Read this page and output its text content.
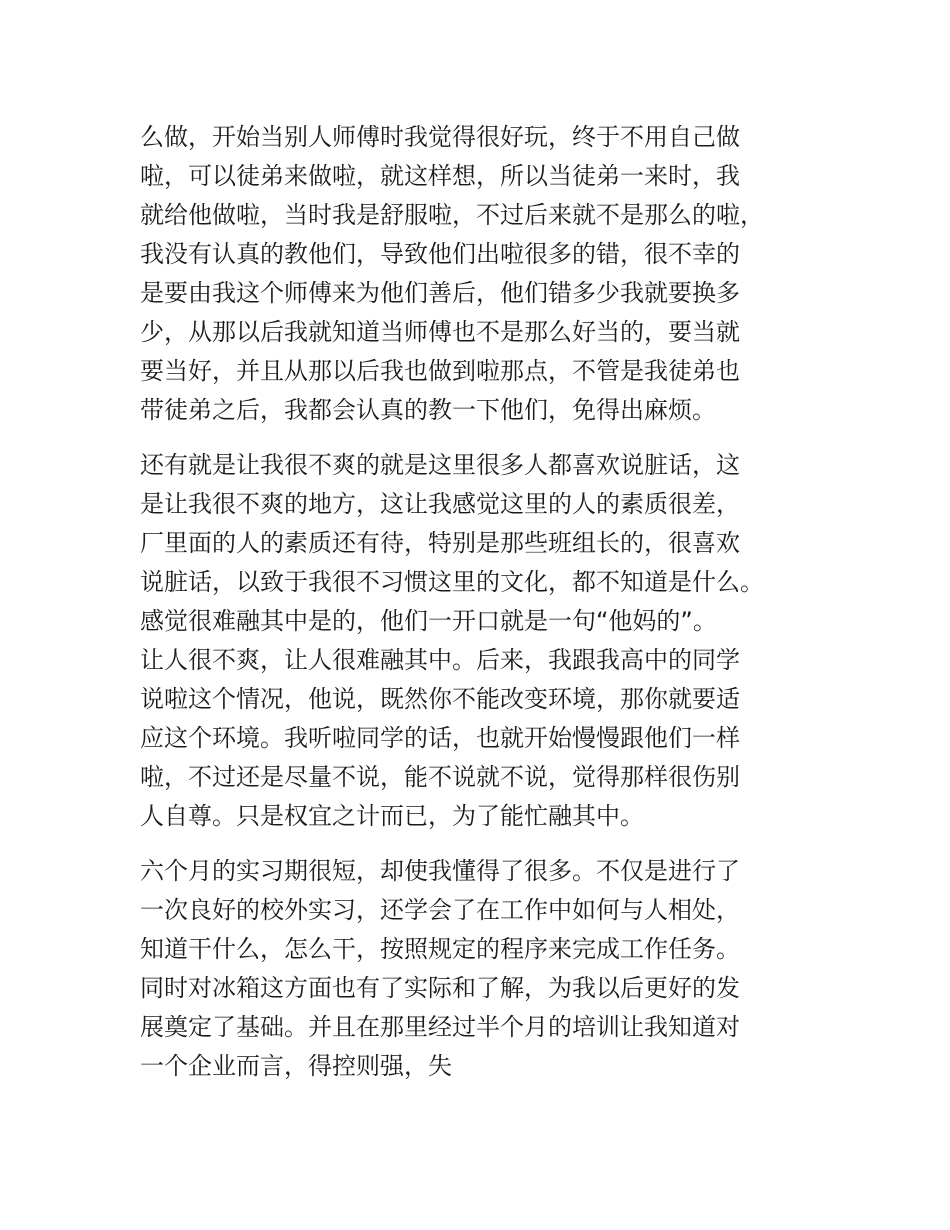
么做，开始当别人师傅时我觉得很好玩，终于不用自己做
啦，可以徒弟来做啦，就这样想，所以当徒弟一来时，我
就给他做啦，当时我是舒服啦，不过后来就不是那么的啦，
我没有认真的教他们，导致他们出啦很多的错，很不幸的
是要由我这个师傅来为他们善后，他们错多少我就要换多
少，从那以后我就知道当师傅也不是那么好当的，要当就
要当好，并且从那以后我也做到啦那点，不管是我徒弟也
带徒弟之后，我都会认真的教一下他们，免得出麻烦。
还有就是让我很不爽的就是这里很多人都喜欢说脏话，这
是让我很不爽的地方，这让我感觉这里的人的素质很差，
厂里面的人的素质还有待，特别是那些班组长的，很喜欢
说脏话，以致于我很不习惯这里的文化，都不知道是什么。
感觉很难融其中是的，他们一开口就是一句“他妈的”。
让人很不爽，让人很难融其中。后来，我跟我高中的同学
说啦这个情况，他说，既然你不能改变环境，那你就要适
应这个环境。我听啦同学的话，也就开始慢慢跟他们一样
啦，不过还是尽量不说，能不说就不说，觉得那样很伤别
人自尊。只是权宜之计而已，为了能忙融其中。
六个月的实习期很短，却使我懂得了很多。不仅是进行了
一次良好的校外实习，还学会了在工作中如何与人相处，
知道干什么，怎么干，按照规定的程序来完成工作任务。
同时对冰箱这方面也有了实际和了解，为我以后更好的发
展奠定了基础。并且在那里经过半个月的培训让我知道对
一个企业而言，得控则强，失
